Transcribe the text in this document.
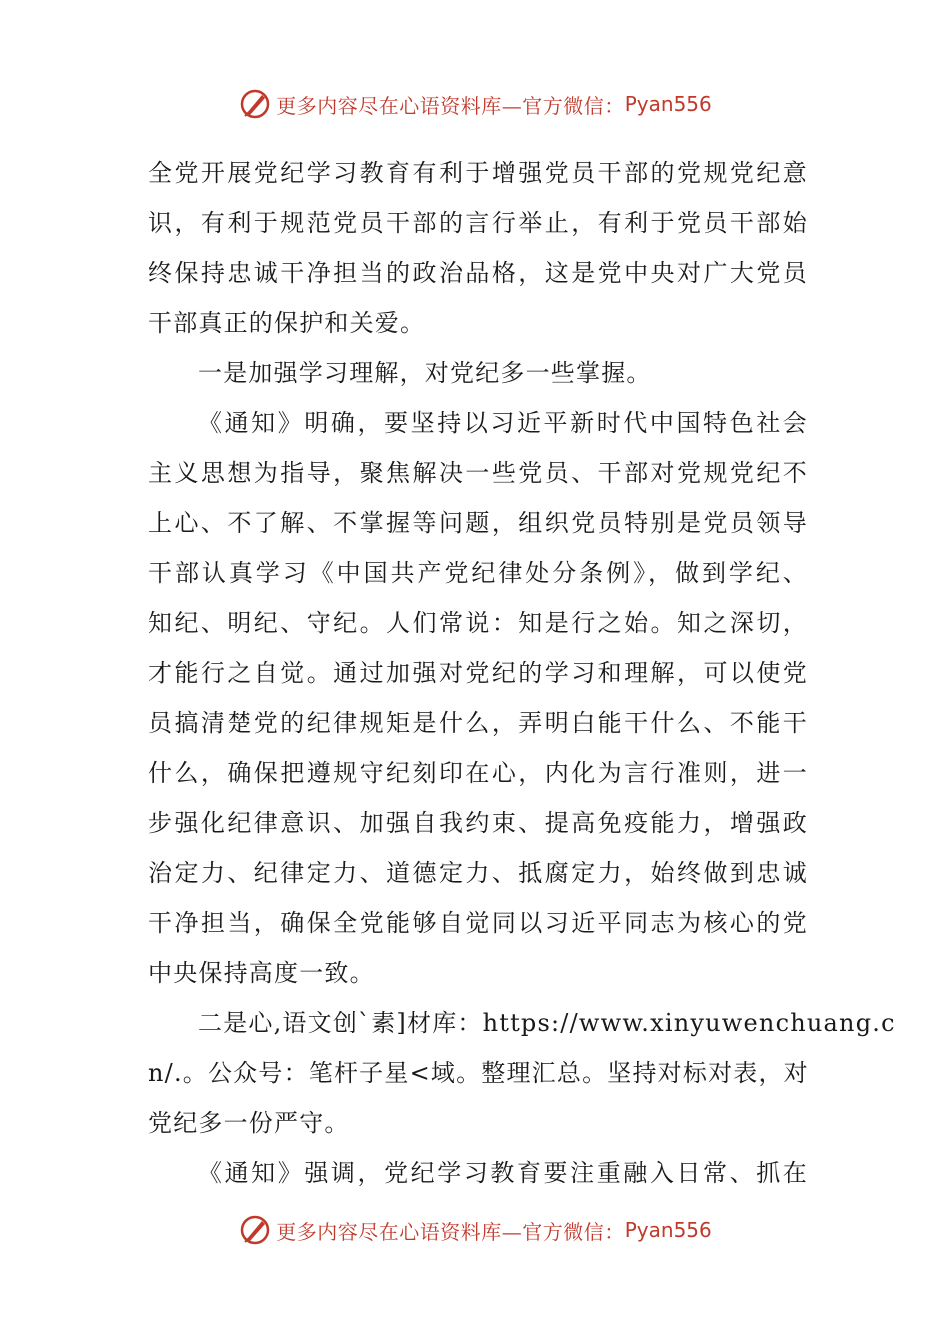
更多内容尽在心语资料库—官方微信： Pyan556
全党开展党纪学习教育有利于增强党员干部的党规党纪意
识，有利于规范党员干部的言行举止，有利于党员干部始
终保持忠诚干净担当的政治品格，这是党中央对广大党员
干部真正的保护和关爱。
一是加强学习理解，对党纪多一些掌握。
《通知》明确，要坚持以习近平新时代中国特色社会
主义思想为指导，聚焦解决一些党员、干部对党规党纪不
上心、不了解、不掌握等问题，组织党员特别是党员领导
干部认真学习《中国共产党纪律处分条例》，做到学纪、
知纪、明纪、守纪。人们常说：知是行之始。知之深切，
才能行之自觉。通过加强对党纪的学习和理解，可以使党
员搞清楚党的纪律规矩是什么，弄明白能干什么、不能干
什么，确保把遵规守纪刻印在心，内化为言行准则，进一
步强化纪律意识、加强自我约束、提高免疫能力，增强政
治定力、纪律定力、道德定力、抵腐定力，始终做到忠诚
干净担当，确保全党能够自觉同以习近平同志为核心的党
中央保持高度一致。
二是心,语文创`素]材库：https://www.xinyuwenchuang.c
n/.。公众号：笔杆子星<域。整理汇总。坚持对标对表，对
党纪多一份严守。
《通知》强调，党纪学习教育要注重融入日常、抓在
更多内容尽在心语资料库—官方微信： Pyan556
